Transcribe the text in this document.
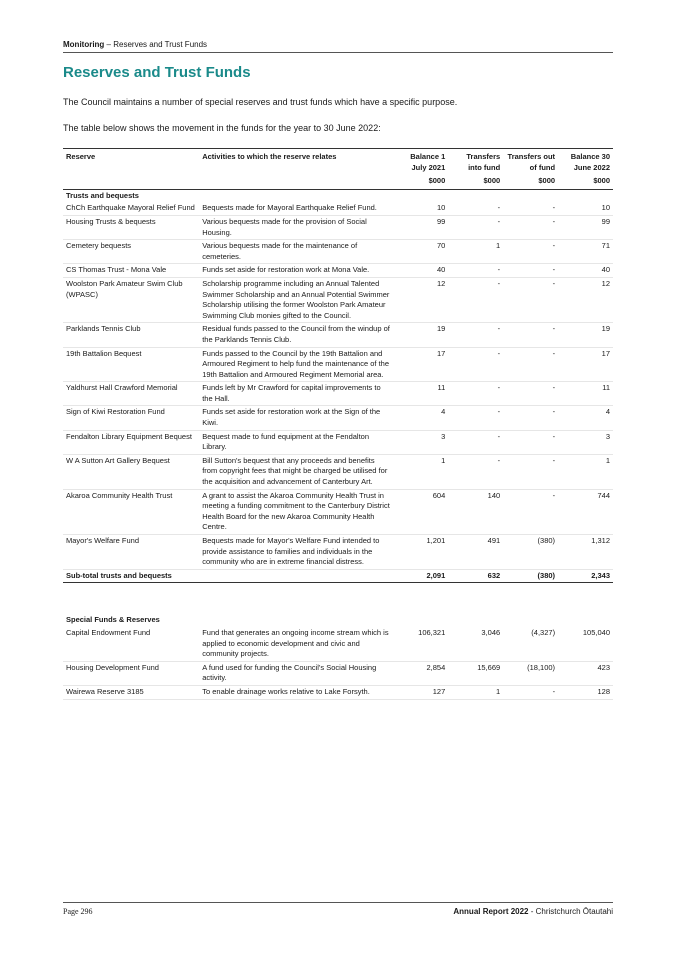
Monitoring – Reserves and Trust Funds
Reserves and Trust Funds

The Council maintains a number of special reserves and trust funds which have a specific purpose.

The table below shows the movement in the funds for the year to 30 June 2022:

Reserve	Activities to which the reserve relates	Balance 1 July 2021	Transfers into fund	Transfers out of fund	Balance 30 June 2022
		$000	$000	$000	$000
Trusts and bequests					
ChCh Earthquake Mayoral Relief Fund	Bequests made for Mayoral Earthquake Relief Fund.	10	-	-	10
Housing Trusts & bequests	Various bequests made for the provision of Social Housing.	99	-	-	99
Cemetery bequests	Various bequests made for the maintenance of cemeteries.	70	1	-	71
CS Thomas Trust - Mona Vale	Funds set aside for restoration work at Mona Vale.	40	-	-	40
Woolston Park Amateur Swim Club (WPASC)	Scholarship programme including an Annual Talented Swimmer Scholarship and an Annual Potential Swimmer Scholarship utilising the former Woolston Park Amateur Swimming Club monies gifted to the Council.	12	-	-	12
Parklands Tennis Club	Residual funds passed to the Council from the windup of the Parklands Tennis Club.	19	-	-	19
19th Battalion Bequest	Funds passed to the Council by the 19th Battalion and Armoured Regiment to help fund the maintenance of the 19th Battalion and Armoured Regiment Memorial area.	17	-	-	17
Yaldhurst Hall Crawford Memorial	Funds left by Mr Crawford for capital improvements to the Hall.	11	-	-	11
Sign of Kiwi Restoration Fund	Funds set aside for restoration work at the Sign of the Kiwi.	4	-	-	4
Fendalton Library Equipment Bequest	Bequest made to fund equipment at the Fendalton Library.	3	-	-	3
W A Sutton Art Gallery Bequest	Bill Sutton's bequest that any proceeds and benefits from copyright fees that might be charged be utilised for the acquisition and advancement of Canterbury Art.	1	-	-	1
Akaroa Community Health Trust	A grant to assist the Akaroa Community Health Trust in meeting a funding commitment to the Canterbury District Health Board for the new Akaroa Community Health Centre.	604	140	-	744
Mayor's Welfare Fund	Bequests made for Mayor's Welfare Fund intended to provide assistance to families and individuals in the community who are in extreme financial distress.	1,201	491	(380)	1,312
Sub-total trusts and bequests		2,091	632	(380)	2,343
Special Funds & Reserves					
Capital Endowment Fund	Fund that generates an ongoing income stream which is applied to economic development and civic and community projects.	106,321	3,046	(4,327)	105,040
Housing Development Fund	A fund used for funding the Council's Social Housing activity.	2,854	15,669	(18,100)	423
Wairewa Reserve 3185	To enable drainage works relative to Lake Forsyth.	127	1	-	128
Page 296	Annual Report 2022 - Christchurch Ōtautahi
